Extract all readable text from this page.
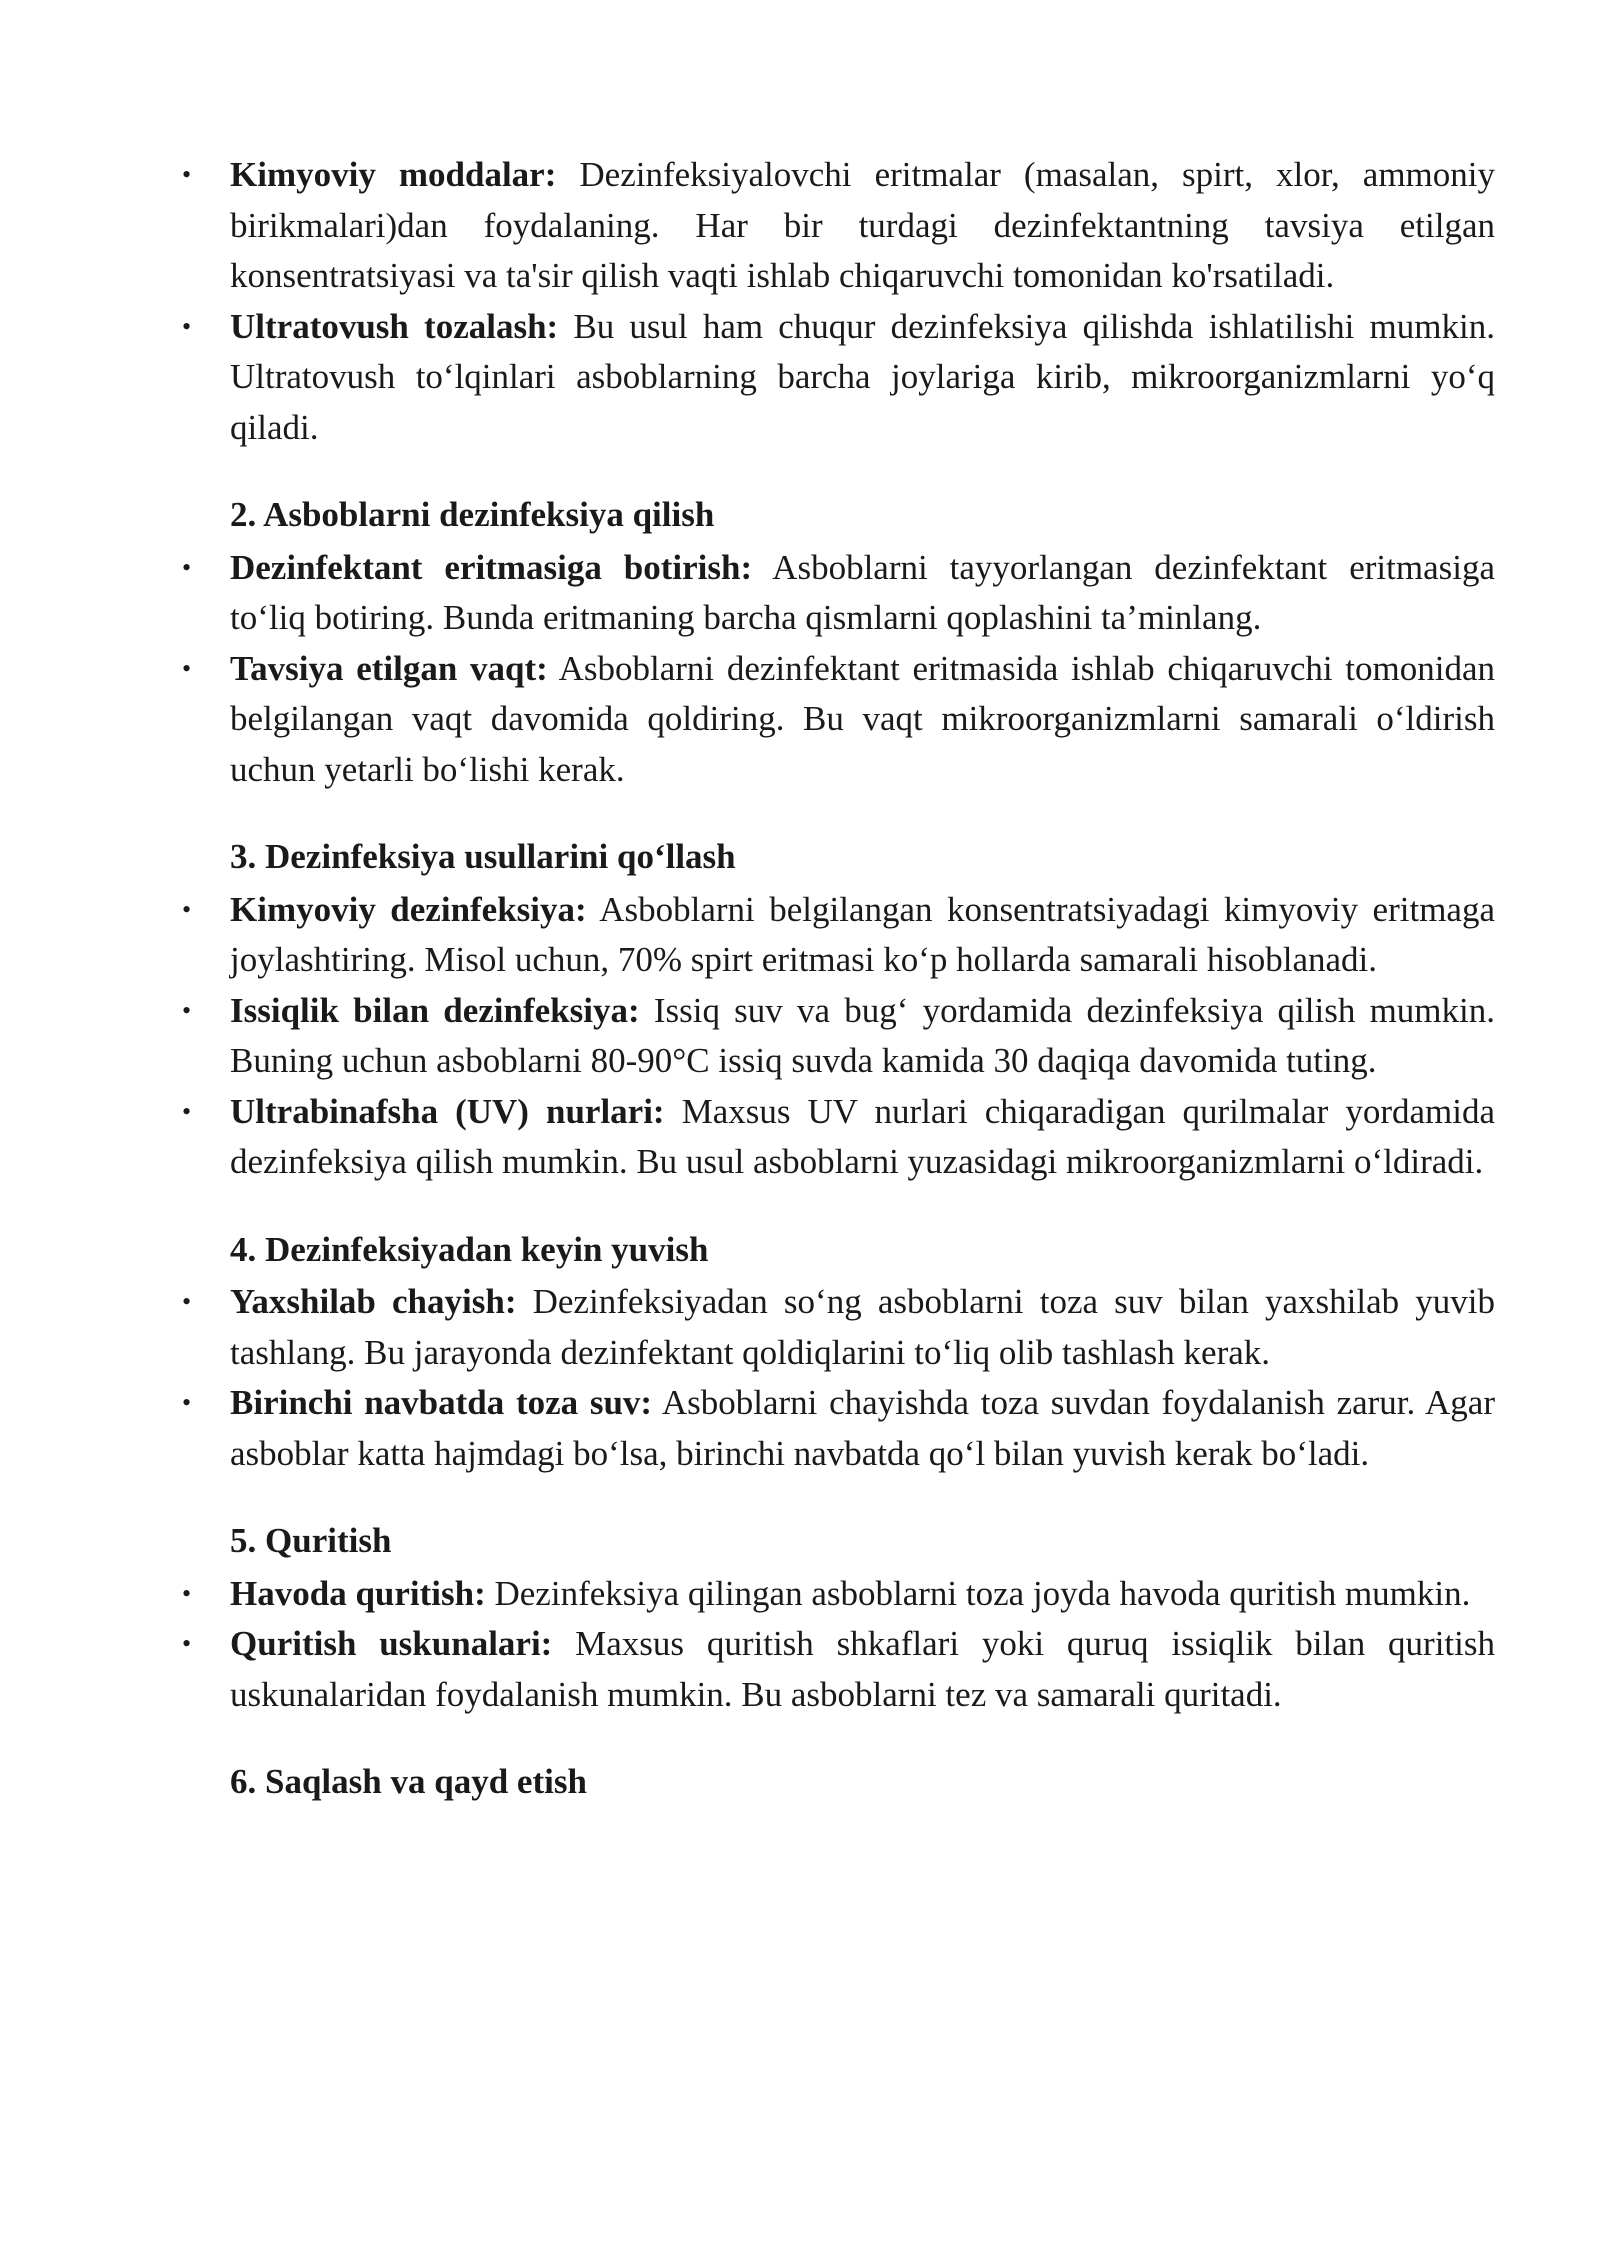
• Kimyoviy moddalar: Dezinfeksiyalovchi eritmalar (masalan, spirt, xlor, ammoniy birikmalari)dan foydalaning. Har bir turdagi dezinfektantning tavsiya etilgan konsentratsiyasi va ta'sir qilish vaqti ishlab chiqaruvchi tomonidan ko'rsatiladi.
• Ultratovush tozalash: Bu usul ham chuqur dezinfeksiya qilishda ishlatilishi mumkin. Ultratovush to‘lqinlari asboblarning barcha joylariga kirib, mikroorganizmlarni yo‘q qiladi.
2. Asboblarni dezinfeksiya qilish
• Dezinfektant eritmasiga botirish: Asboblarni tayyorlangan dezinfektant eritmasiga to‘liq botiring. Bunda eritmaning barcha qismlarni qoplashini ta’minlang.
• Tavsiya etilgan vaqt: Asboblarni dezinfektant eritmasida ishlab chiqaruvchi tomonidan belgilangan vaqt davomida qoldiring. Bu vaqt mikroorganizmlarni samarali o‘ldirish uchun yetarli bo‘lishi kerak.
3. Dezinfeksiya usullarini qo‘llash
• Kimyoviy dezinfeksiya: Asboblarni belgilangan konsentratsiyadagi kimyoviy eritmaga joylashtiring. Misol uchun, 70% spirt eritmasi ko‘p hollarda samarali hisoblanadi.
• Issiqlik bilan dezinfeksiya: Issiq suv va bug‘ yordamida dezinfeksiya qilish mumkin. Buning uchun asboblarni 80-90°C issiq suvda kamida 30 daqiqa davomida tuting.
• Ultrabinafsha (UV) nurlari: Maxsus UV nurlari chiqaradigan qurilmalar yordamida dezinfeksiya qilish mumkin. Bu usul asboblarni yuzasidagi mikroorganizmlarni o‘ldiradi.
4. Dezinfeksiyadan keyin yuvish
• Yaxshilab chayish: Dezinfeksiyadan so‘ng asboblarni toza suv bilan yaxshilab yuvib tashlang. Bu jarayonda dezinfektant qoldiqlarini to‘liq olib tashlash kerak.
• Birinchi navbatda toza suv: Asboblarni chayishda toza suvdan foydalanish zarur. Agar asboblar katta hajmdagi bo‘lsa, birinchi navbatda qo‘l bilan yuvish kerak bo‘ladi.
5. Quritish
• Havoda quritish: Dezinfeksiya qilingan asboblarni toza joyda havoda quritish mumkin.
• Quritish uskunalari: Maxsus quritish shkaflari yoki quruq issiqlik bilan quritish uskunalaridan foydalanish mumkin. Bu asboblarni tez va samarali quritadi.
6. Saqlash va qayd etish
